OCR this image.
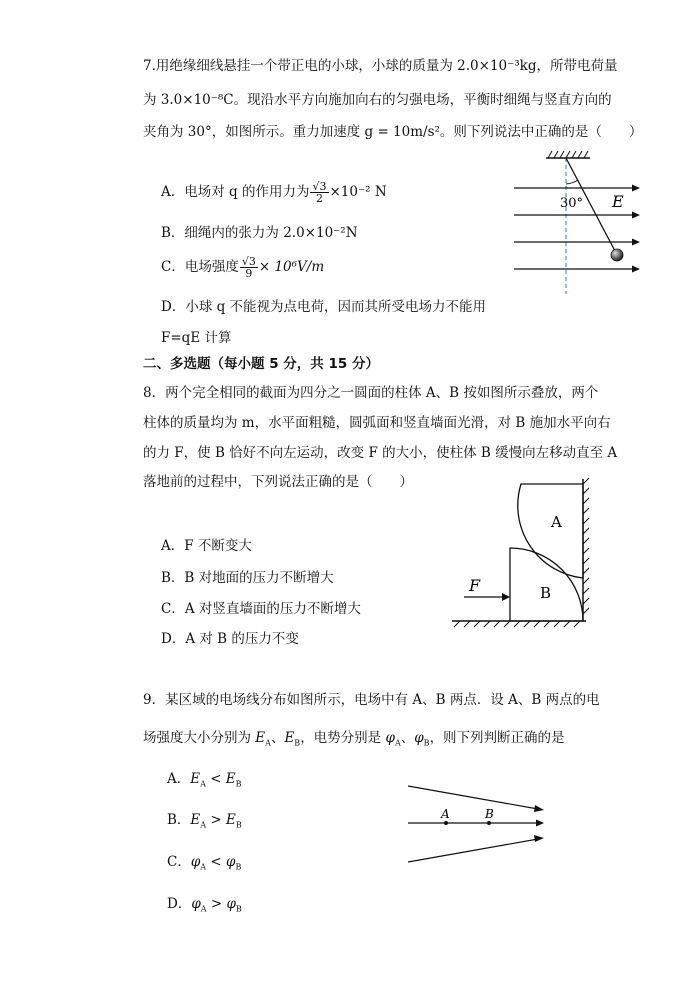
7.用绝缘细线悬挂一个带正电的小球，小球的质量为 2.0×10⁻³kg，所带电荷量
为 3.0×10⁻⁸C。现沿水平方向施加向右的匀强电场，平衡时细绳与竖直方向的
夹角为 30°，如图所示。重力加速度 g = 10m/s²。则下列说法中正确的是（　　）
A．电场对 q 的作用力为 $\frac{√3}{2} \times 10^{-2}$ N
B．细绳内的张力为 2.0×10⁻²N
C．电场强度 $\frac{√3}{9} \times 10^6V/m$
D．小球 q 不能视为点电荷，因而其所受电场力不能用
F=qE 计算
30° E
二、多选题（每小题 5 分，共 15 分）
8．两个完全相同的截面为四分之一圆面的柱体 A、B 按如图所示叠放，两个
柱体的质量均为 m，水平面粗糙，圆弧面和竖直墙面光滑，对 B 施加水平向右
的力 F，使 B 恰好不向左运动，改变 F 的大小，使柱体 B 缓慢向左移动直至 A
落地前的过程中，下列说法正确的是（　　）
A．F 不断变大
B．B 对地面的压力不断增大
C．A 对竖直墙面的压力不断增大
D．A 对 B 的压力不变
A
B
F
9．某区域的电场线分布如图所示，电场中有 A、B 两点．设 A、B 两点的电
场强度大小分别为 $E_A$、$E_B$，电势分别是 $\varphi_A$、$\varphi_B$，则下列判断正确的是
A．$E_A < E_B$
B．$E_A > E_B$
C．$\varphi_A < \varphi_B$
D．$\varphi_A > \varphi_B$
A	B
